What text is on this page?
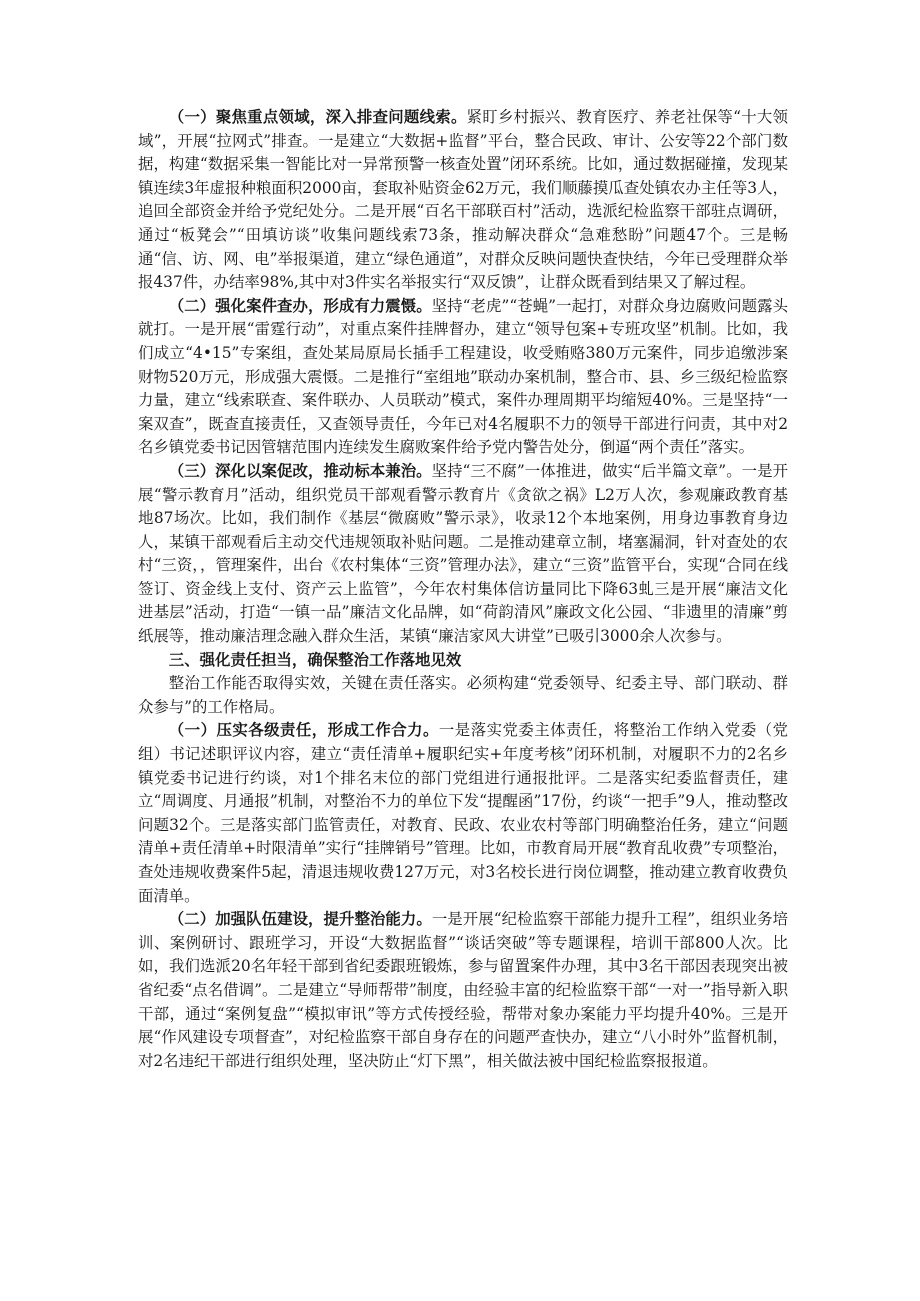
（一）聚焦重点领域，深入排查问题线索。紧盯乡村振兴、教育医疗、养老社保等“十大领域”，开展“拉网式”排查。一是建立“大数据+监督”平台，整合民政、审计、公安等22个部门数据，构建“数据采集一智能比对一异常预警一核查处置”闭环系统。比如，通过数据碰撞，发现某镇连续3年虚报种粮面积2000亩，套取补贴资金62万元，我们顺藤摸瓜查处镇农办主任等3人，追回全部资金并给予党纪处分。二是开展“百名干部联百村”活动，选派纪检监察干部驻点调研，通过“板凳会”“田填访谈”收集问题线索73条，推动解决群众“急难愁盼”问题47个。三是畅通“信、访、网、电”举报渠道，建立“绿色通道”，对群众反映问题快查快结，今年已受理群众举报437件，办结率98%,其中对3件实名举报实行“双反馈”，让群众既看到结果又了解过程。

（二）强化案件查办，形成有力震慑。坚持“老虎”“苍蝇”一起打，对群众身边腐败问题露头就打。一是开展“雷霆行动”，对重点案件挂牌督办，建立“领导包案+专班攻坚”机制。比如，我们成立“4•15”专案组，查处某局原局长插手工程建设，收受贿赂380万元案件，同步追缴涉案财物520万元，形成强大震慑。二是推行“室组地”联动办案机制，整合市、县、乡三级纪检监察力量，建立“线索联查、案件联办、人员联动”模式，案件办理周期平均缩短40%。三是坚持“一案双查”，既查直接责任，又查领导责任，今年已对4名履职不力的领导干部进行问责，其中对2名乡镇党委书记因管辖范围内连续发生腐败案件给予党内警告处分，倒逼“两个责任”落实。

（三）深化以案促改，推动标本兼治。坚持“三不腐”一体推进，做实“后半篇文章”。一是开展“警示教育月”活动，组织党员干部观看警示教育片《贪欲之祸》L2万人次，参观廉政教育基地87场次。比如，我们制作《基层“微腐败”警示录》，收录12个本地案例，用身边事教育身边人，某镇干部观看后主动交代违规领取补贴问题。二是推动建章立制，堵塞漏洞，针对查处的农村“三资，，管理案件，出台《农村集体“三资”管理办法》，建立“三资”监管平台，实现“合同在线签订、资金线上支付、资产云上监管”，今年农村集体信访量同比下降63虬三是开展“廉洁文化进基层”活动，打造“一镇一品”廉洁文化品牌，如“荷韵清风”廉政文化公园、“非遗里的清廉”剪纸展等，推动廉洁理念融入群众生活，某镇“廉洁家风大讲堂”已吸引3000余人次参与。

三、强化责任担当，确保整治工作落地见效

整治工作能否取得实效，关键在责任落实。必须构建“党委领导、纪委主导、部门联动、群众参与”的工作格局。

（一）压实各级责任，形成工作合力。一是落实党委主体责任，将整治工作纳入党委（党组）书记述职评议内容，建立“责任清单+履职纪实+年度考核”闭环机制，对履职不力的2名乡镇党委书记进行约谈，对1个排名末位的部门党组进行通报批评。二是落实纪委监督责任，建立“周调度、月通报”机制，对整治不力的单位下发“提醒函”17份，约谈“一把手”9人，推动整改问题32个。三是落实部门监管责任，对教育、民政、农业农村等部门明确整治任务，建立“问题清单+责任清单+时限清单”实行“挂牌销号”管理。比如，市教育局开展“教育乱收费”专项整治，查处违规收费案件5起，清退违规收费127万元，对3名校长进行岗位调整，推动建立教育收费负面清单。

（二）加强队伍建设，提升整治能力。一是开展“纪检监察干部能力提升工程”，组织业务培训、案例研讨、跟班学习，开设“大数据监督”“谈话突破”等专题课程，培训干部800人次。比如，我们选派20名年轻干部到省纪委跟班锻炼，参与留置案件办理，其中3名干部因表现突出被省纪委“点名借调”。二是建立“导师帮带”制度，由经验丰富的纪检监察干部“一对一”指导新入职干部，通过“案例复盘”“模拟审讯”等方式传授经验，帮带对象办案能力平均提升40%。三是开展“作风建设专项督查”，对纪检监察干部自身存在的问题严查快办，建立“八小时外”监督机制，对2名违纪干部进行组织处理，坚决防止“灯下黑”，相关做法被中国纪检监察报报道。
